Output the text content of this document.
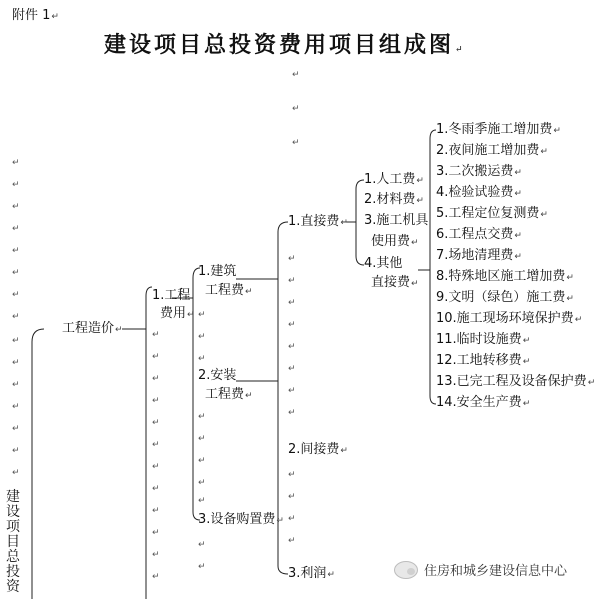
附件 1↵
建设项目总投资费用项目组成图↵
↵
↵
↵
↵
↵
↵
↵
↵
↵
↵
↵
↵
↵
↵
↵
↵
↵
↵
↵
↵
↵
↵
↵
↵
↵
↵
↵
↵
↵
↵
↵
↵
↵
↵
↵
↵
↵
↵
↵
↵
↵
↵
↵
↵
↵
↵
↵
↵
↵
↵
↵
↵
建设项目总投资
工程造价↵
1.工程
费用↵
1.建筑
工程费↵
2.安装
工程费↵
3.设备购置费↵
1.直接费↵
2.间接费↵
3.利润↵
1.人工费↵
2.材料费↵
3.施工机具
使用费↵
4.其他
直接费↵
1.冬雨季施工增加费↵
2.夜间施工增加费↵
3.二次搬运费↵
4.检验试验费↵
5.工程定位复测费↵
6.工程点交费↵
7.场地清理费↵
8.特殊地区施工增加费↵
9.文明（绿色）施工费↵
10.施工现场环境保护费↵
11.临时设施费↵
12.工地转移费↵
13.已完工程及设备保护费↵
14.安全生产费↵
住房和城乡建设信息中心
